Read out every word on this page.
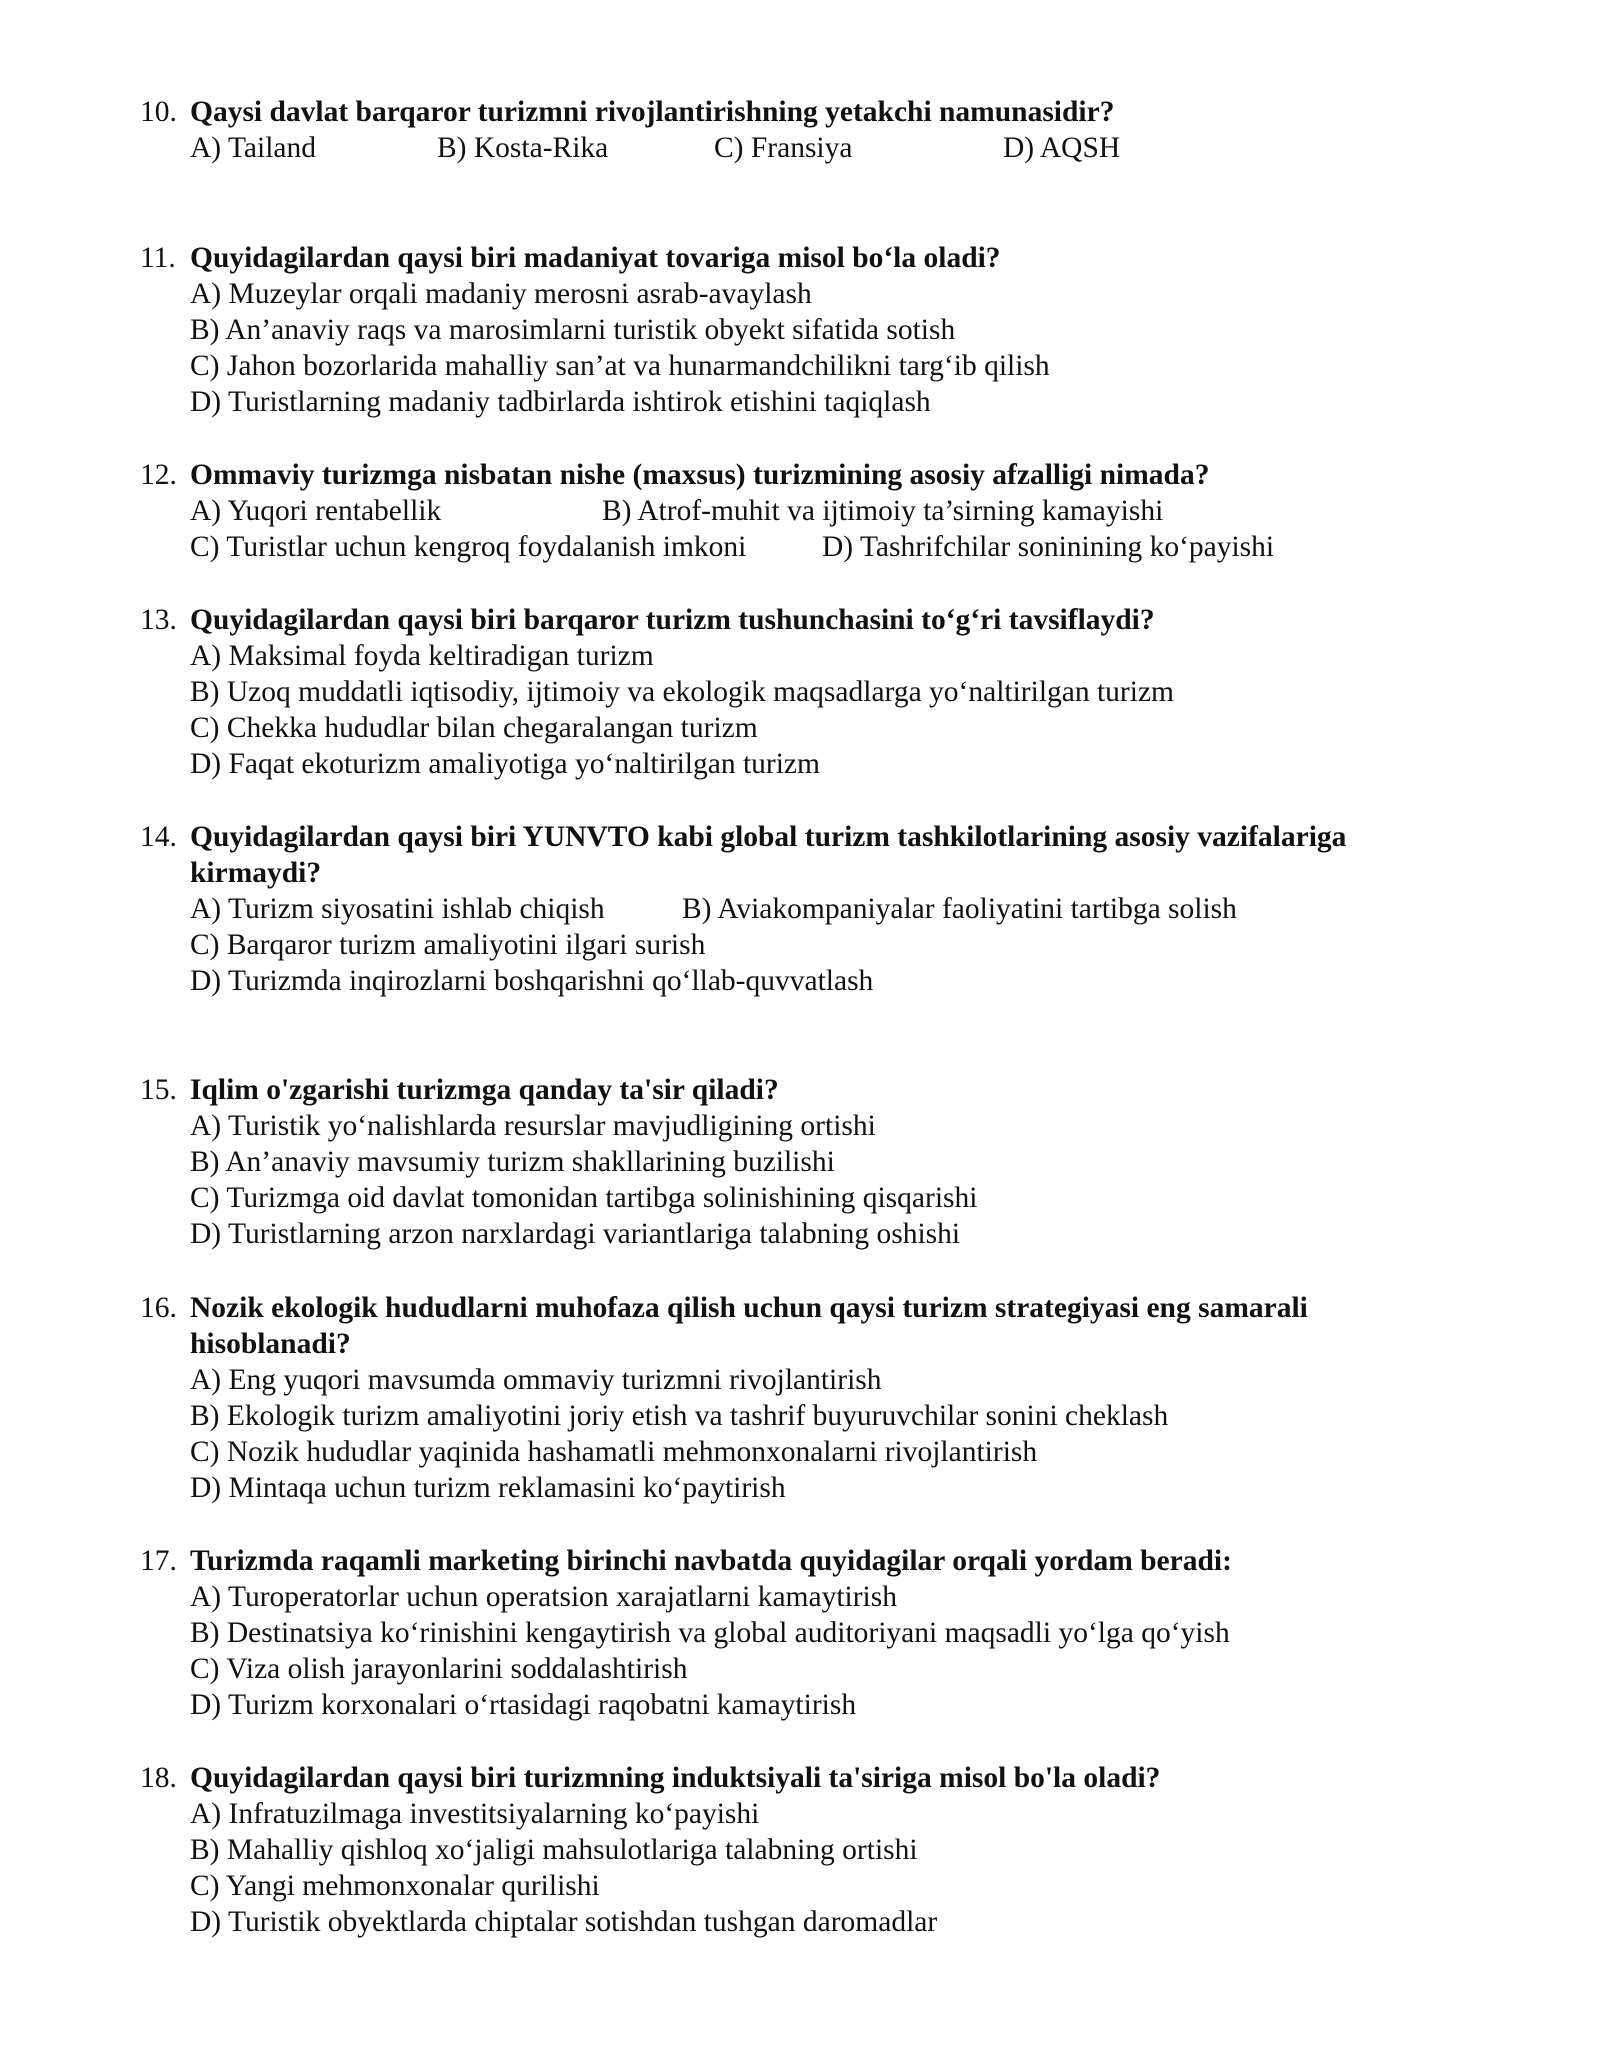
10. Qaysi davlat barqaror turizmni rivojlantirishning yetakchi namunasidir?
A) Tailand	B) Kosta-Rika	C) Fransiya	D) AQSH
11. Quyidagilardan qaysi biri madaniyat tovariga misol bo‘la oladi?
A) Muzeylar orqali madaniy merosni asrab-avaylash
B) An’anaviy raqs va marosimlarni turistik obyekt sifatida sotish
C) Jahon bozorlarida mahalliy san’at va hunarmandchilikni targ‘ib qilish
D) Turistlarning madaniy tadbirlarda ishtirok etishini taqiqlash
12. Ommaviy turizmga nisbatan nishe (maxsus) turizmining asosiy afzalligi nimada?
A) Yuqori rentabellik	B) Atrof-muhit va ijtimoiy ta’sirning kamayishi
C) Turistlar uchun kengroq foydalanish imkoni	D) Tashrifchilar soninining ko‘payishi
13. Quyidagilardan qaysi biri barqaror turizm tushunchasini to‘g‘ri tavsiflaydi?
A) Maksimal foyda keltiradigan turizm
B) Uzoq muddatli iqtisodiy, ijtimoiy va ekologik maqsadlarga yo‘naltirilgan turizm
C) Chekka hududlar bilan chegaralangan turizm
D) Faqat ekoturizm amaliyotiga yo‘naltirilgan turizm
14. Quyidagilardan qaysi biri YUNVTO kabi global turizm tashkilotlarining asosiy vazifalariga
kirmaydi?
A) Turizm siyosatini ishlab chiqish	B) Aviakompaniyalar faoliyatini tartibga solish
C) Barqaror turizm amaliyotini ilgari surish
D) Turizmda inqirozlarni boshqarishni qo‘llab-quvvatlash
15. Iqlim o'zgarishi turizmga qanday ta'sir qiladi?
A) Turistik yo‘nalishlarda resurslar mavjudligining ortishi
B) An’anaviy mavsumiy turizm shakllarining buzilishi
C) Turizmga oid davlat tomonidan tartibga solinishining qisqarishi
D) Turistlarning arzon narxlardagi variantlariga talabning oshishi
16. Nozik ekologik hududlarni muhofaza qilish uchun qaysi turizm strategiyasi eng samarali
hisoblanadi?
A) Eng yuqori mavsumda ommaviy turizmni rivojlantirish
B) Ekologik turizm amaliyotini joriy etish va tashrif buyuruvchilar sonini cheklash
C) Nozik hududlar yaqinida hashamatli mehmonxonalarni rivojlantirish
D) Mintaqa uchun turizm reklamasini ko‘paytirish
17. Turizmda raqamli marketing birinchi navbatda quyidagilar orqali yordam beradi:
A) Turoperatorlar uchun operatsion xarajatlarni kamaytirish
B) Destinatsiya ko‘rinishini kengaytirish va global auditoriyani maqsadli yo‘lga qo‘yish
C) Viza olish jarayonlarini soddalashtirish
D) Turizm korxonalari o‘rtasidagi raqobatni kamaytirish
18. Quyidagilardan qaysi biri turizmning induktsiyali ta'siriga misol bo'la oladi?
A) Infratuzilmaga investitsiyalarning ko‘payishi
B) Mahalliy qishloq xo‘jaligi mahsulotlariga talabning ortishi
C) Yangi mehmonxonalar qurilishi
D) Turistik obyektlarda chiptalar sotishdan tushgan daromadlar
